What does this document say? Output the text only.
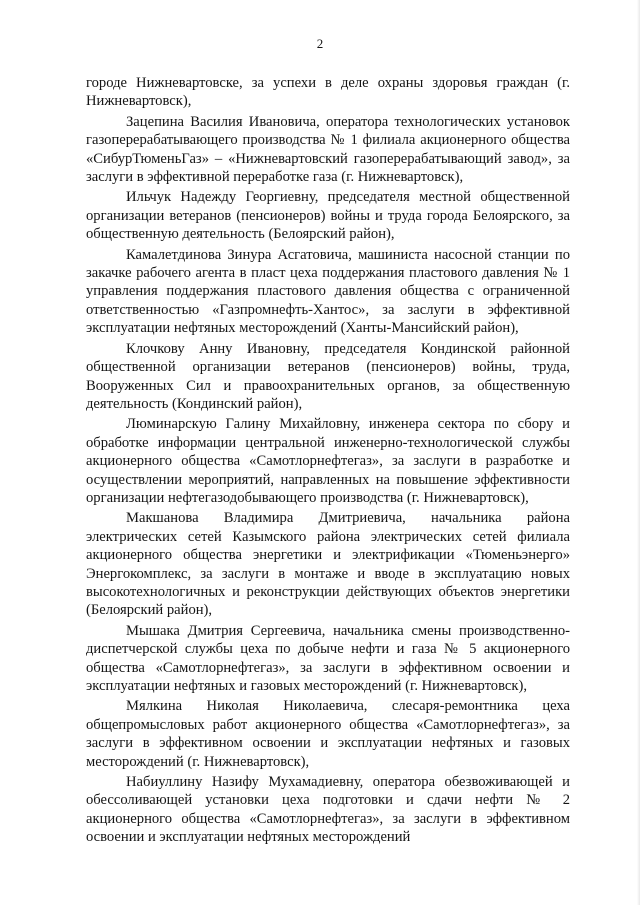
2

городе Нижневартовске, за успехи в деле охраны здоровья граждан (г. Нижневартовск),

Зацепина Василия Ивановича, оператора технологических установок газоперерабатывающего производства № 1 филиала акционерного общества «СибурТюменьГаз» – «Нижневартовский газоперерабатывающий завод», за заслуги в эффективной переработке газа (г. Нижневартовск),

Ильчук Надежду Георгиевну, председателя местной общественной организации ветеранов (пенсионеров) войны и труда города Белоярского, за общественную деятельность (Белоярский район),

Камалетдинова Зинура Асгатовича, машиниста насосной станции по закачке рабочего агента в пласт цеха поддержания пластового давления № 1 управления поддержания пластового давления общества с ограниченной ответственностью «Газпромнефть-Хантос», за заслуги в эффективной эксплуатации нефтяных месторождений (Ханты-Мансийский район),

Клочкову Анну Ивановну, председателя Кондинской районной общественной организации ветеранов (пенсионеров) войны, труда, Вооруженных Сил и правоохранительных органов, за общественную деятельность (Кондинский район),

Люминарскую Галину Михайловну, инженера сектора по сбору и обработке информации центральной инженерно-технологической службы акционерного общества «Самотлорнефтегаз», за заслуги в разработке и осуществлении мероприятий, направленных на повышение эффективности организации нефтегазодобывающего производства (г. Нижневартовск),

Макшанова Владимира Дмитриевича, начальника района электрических сетей Казымского района электрических сетей филиала акционерного общества энергетики и электрификации «Тюменьэнерго» Энергокомплекс, за заслуги в монтаже и вводе в эксплуатацию новых высокотехнологичных и реконструкции действующих объектов энергетики (Белоярский район),

Мышака Дмитрия Сергеевича, начальника смены производственно-диспетчерской службы цеха по добыче нефти и газа № 5 акционерного общества «Самотлорнефтегаз», за заслуги в эффективном освоении и эксплуатации нефтяных и газовых месторождений (г. Нижневартовск),

Мялкина Николая Николаевича, слесаря-ремонтника цеха общепромысловых работ акционерного общества «Самотлорнефтегаз», за заслуги в эффективном освоении и эксплуатации нефтяных и газовых месторождений (г. Нижневартовск),

Набиуллину Назифу Мухамадиевну, оператора обезвоживающей и обессоливающей установки цеха подготовки и сдачи нефти № 2 акционерного общества «Самотлорнефтегаз», за заслуги в эффективном освоении и эксплуатации нефтяных месторождений
